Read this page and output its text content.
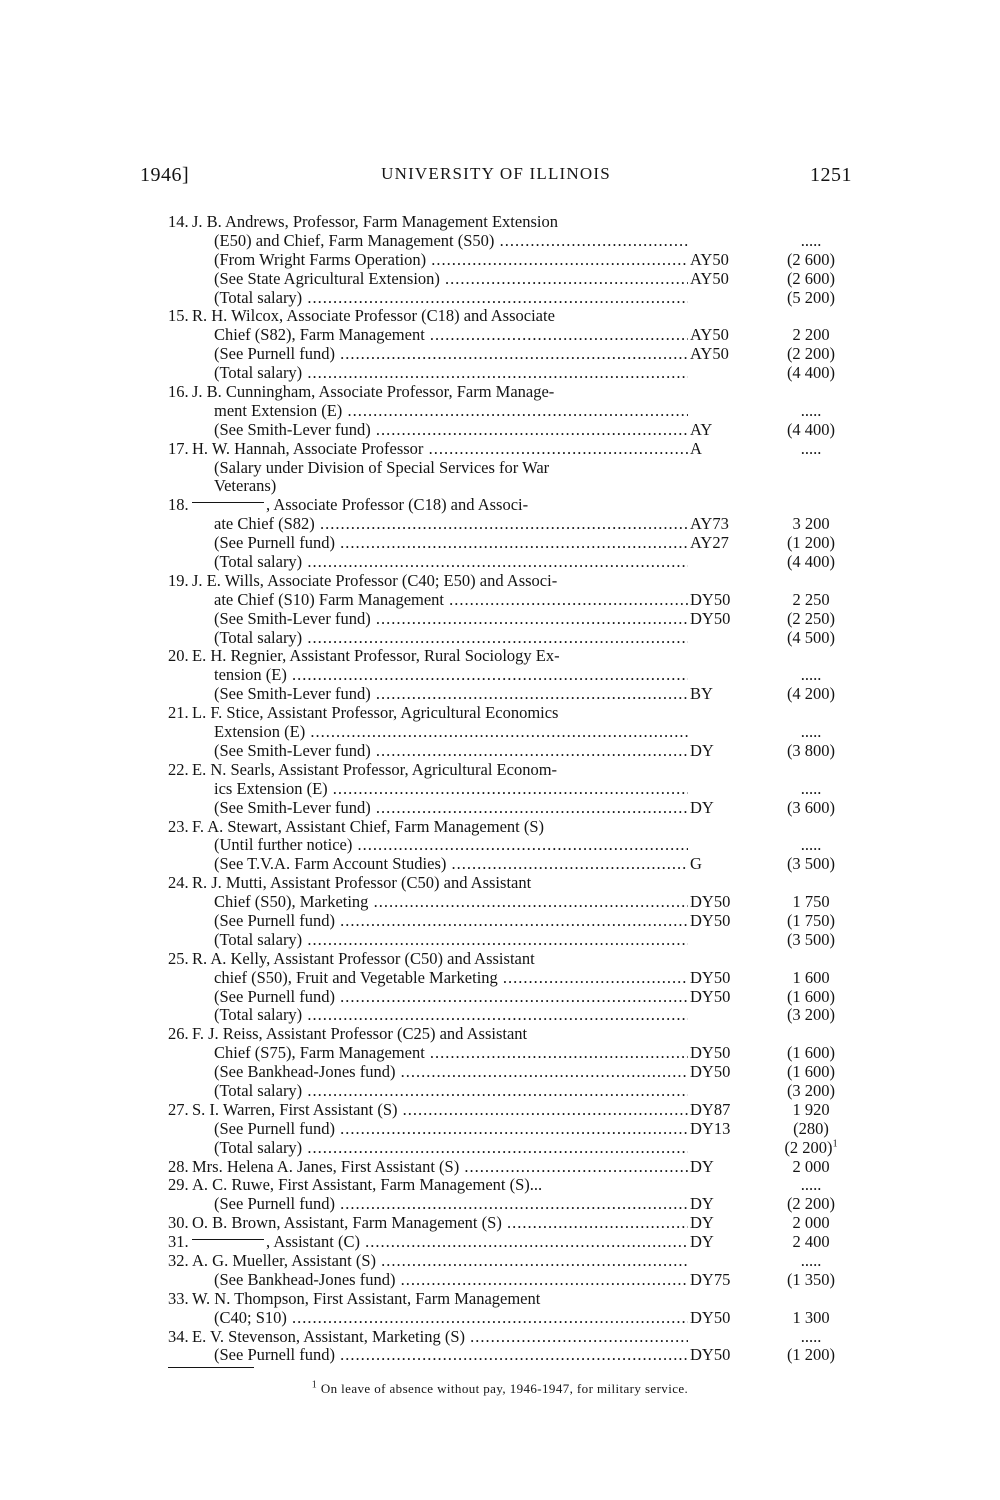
1946]	UNIVERSITY OF ILLINOIS	1251
14. J. B. Andrews, Professor, Farm Management Extension
(E50) and Chief, Farm Management (S50) .....	.....
(From Wright Farms Operation) .....	AY50	(2 600)
(See State Agricultural Extension) .....	AY50	(2 600)
(Total salary) .....	(5 200)
15. R. H. Wilcox, Associate Professor (C18) and Associate
Chief (S82), Farm Management .....	AY50	2 200
(See Purnell fund) .....	AY50	(2 200)
(Total salary) .....	(4 400)
16. J. B. Cunningham, Associate Professor, Farm Manage-
ment Extension (E) .....	.....
(See Smith-Lever fund) .....	AY	(4 400)
17. H. W. Hannah, Associate Professor .....	A	.....
(Salary under Division of Special Services for War
Veterans)
18.	, Associate Professor (C18) and Associ-
ate Chief (S82) .....	AY73	3 200
(See Purnell fund) .....	AY27	(1 200)
(Total salary) .....	(4 400)
19. J. E. Wills, Associate Professor (C40; E50) and Associ-
ate Chief (S10) Farm Management .....	DY50	2 250
(See Smith-Lever fund) .....	DY50	(2 250)
(Total salary) .....	(4 500)
20. E. H. Regnier, Assistant Professor, Rural Sociology Ex-
tension (E) .....	.....
(See Smith-Lever fund) .....	BY	(4 200)
21. L. F. Stice, Assistant Professor, Agricultural Economics
Extension (E) .....	.....
(See Smith-Lever fund) .....	DY	(3 800)
22. E. N. Searls, Assistant Professor, Agricultural Econom-
ics Extension (E) .....	.....
(See Smith-Lever fund) .....	DY	(3 600)
23. F. A. Stewart, Assistant Chief, Farm Management (S)
(Until further notice) .....	.....
(See T.V.A. Farm Account Studies) .....	G	(3 500)
24. R. J. Mutti, Assistant Professor (C50) and Assistant
Chief (S50), Marketing .....	DY50	1 750
(See Purnell fund) .....	DY50	(1 750)
(Total salary) .....	(3 500)
25. R. A. Kelly, Assistant Professor (C50) and Assistant
chief (S50), Fruit and Vegetable Marketing .....	DY50	1 600
(See Purnell fund) .....	DY50	(1 600)
(Total salary) .....	(3 200)
26. F. J. Reiss, Assistant Professor (C25) and Assistant
Chief (S75), Farm Management .....	DY50	(1 600)
(See Bankhead-Jones fund) .....	DY50	(1 600)
(Total salary) .....	(3 200)
27. S. I. Warren, First Assistant (S) .....	DY87	1 920
(See Purnell fund) .....	DY13	(280)
(Total salary) .....	(2 200)$^1$
28. Mrs. Helena A. Janes, First Assistant (S) .....	DY	2 000
29. A. C. Ruwe, First Assistant, Farm Management (S)...	.....
(See Purnell fund) .....	DY	(2 200)
30. O. B. Brown, Assistant, Farm Management (S) .....	DY	2 000
31.	, Assistant (C) .....	DY	2 400
32. A. G. Mueller, Assistant (S) .....	.....
(See Bankhead-Jones fund) .....	DY75	(1 350)
33. W. N. Thompson, First Assistant, Farm Management
(C40; S10) .....	DY50	1 300
34. E. V. Stevenson, Assistant, Marketing (S) .....	.....
(See Purnell fund) .....	DY50	(1 200)
$^1$ On leave of absence without pay, 1946-1947, for military service.
